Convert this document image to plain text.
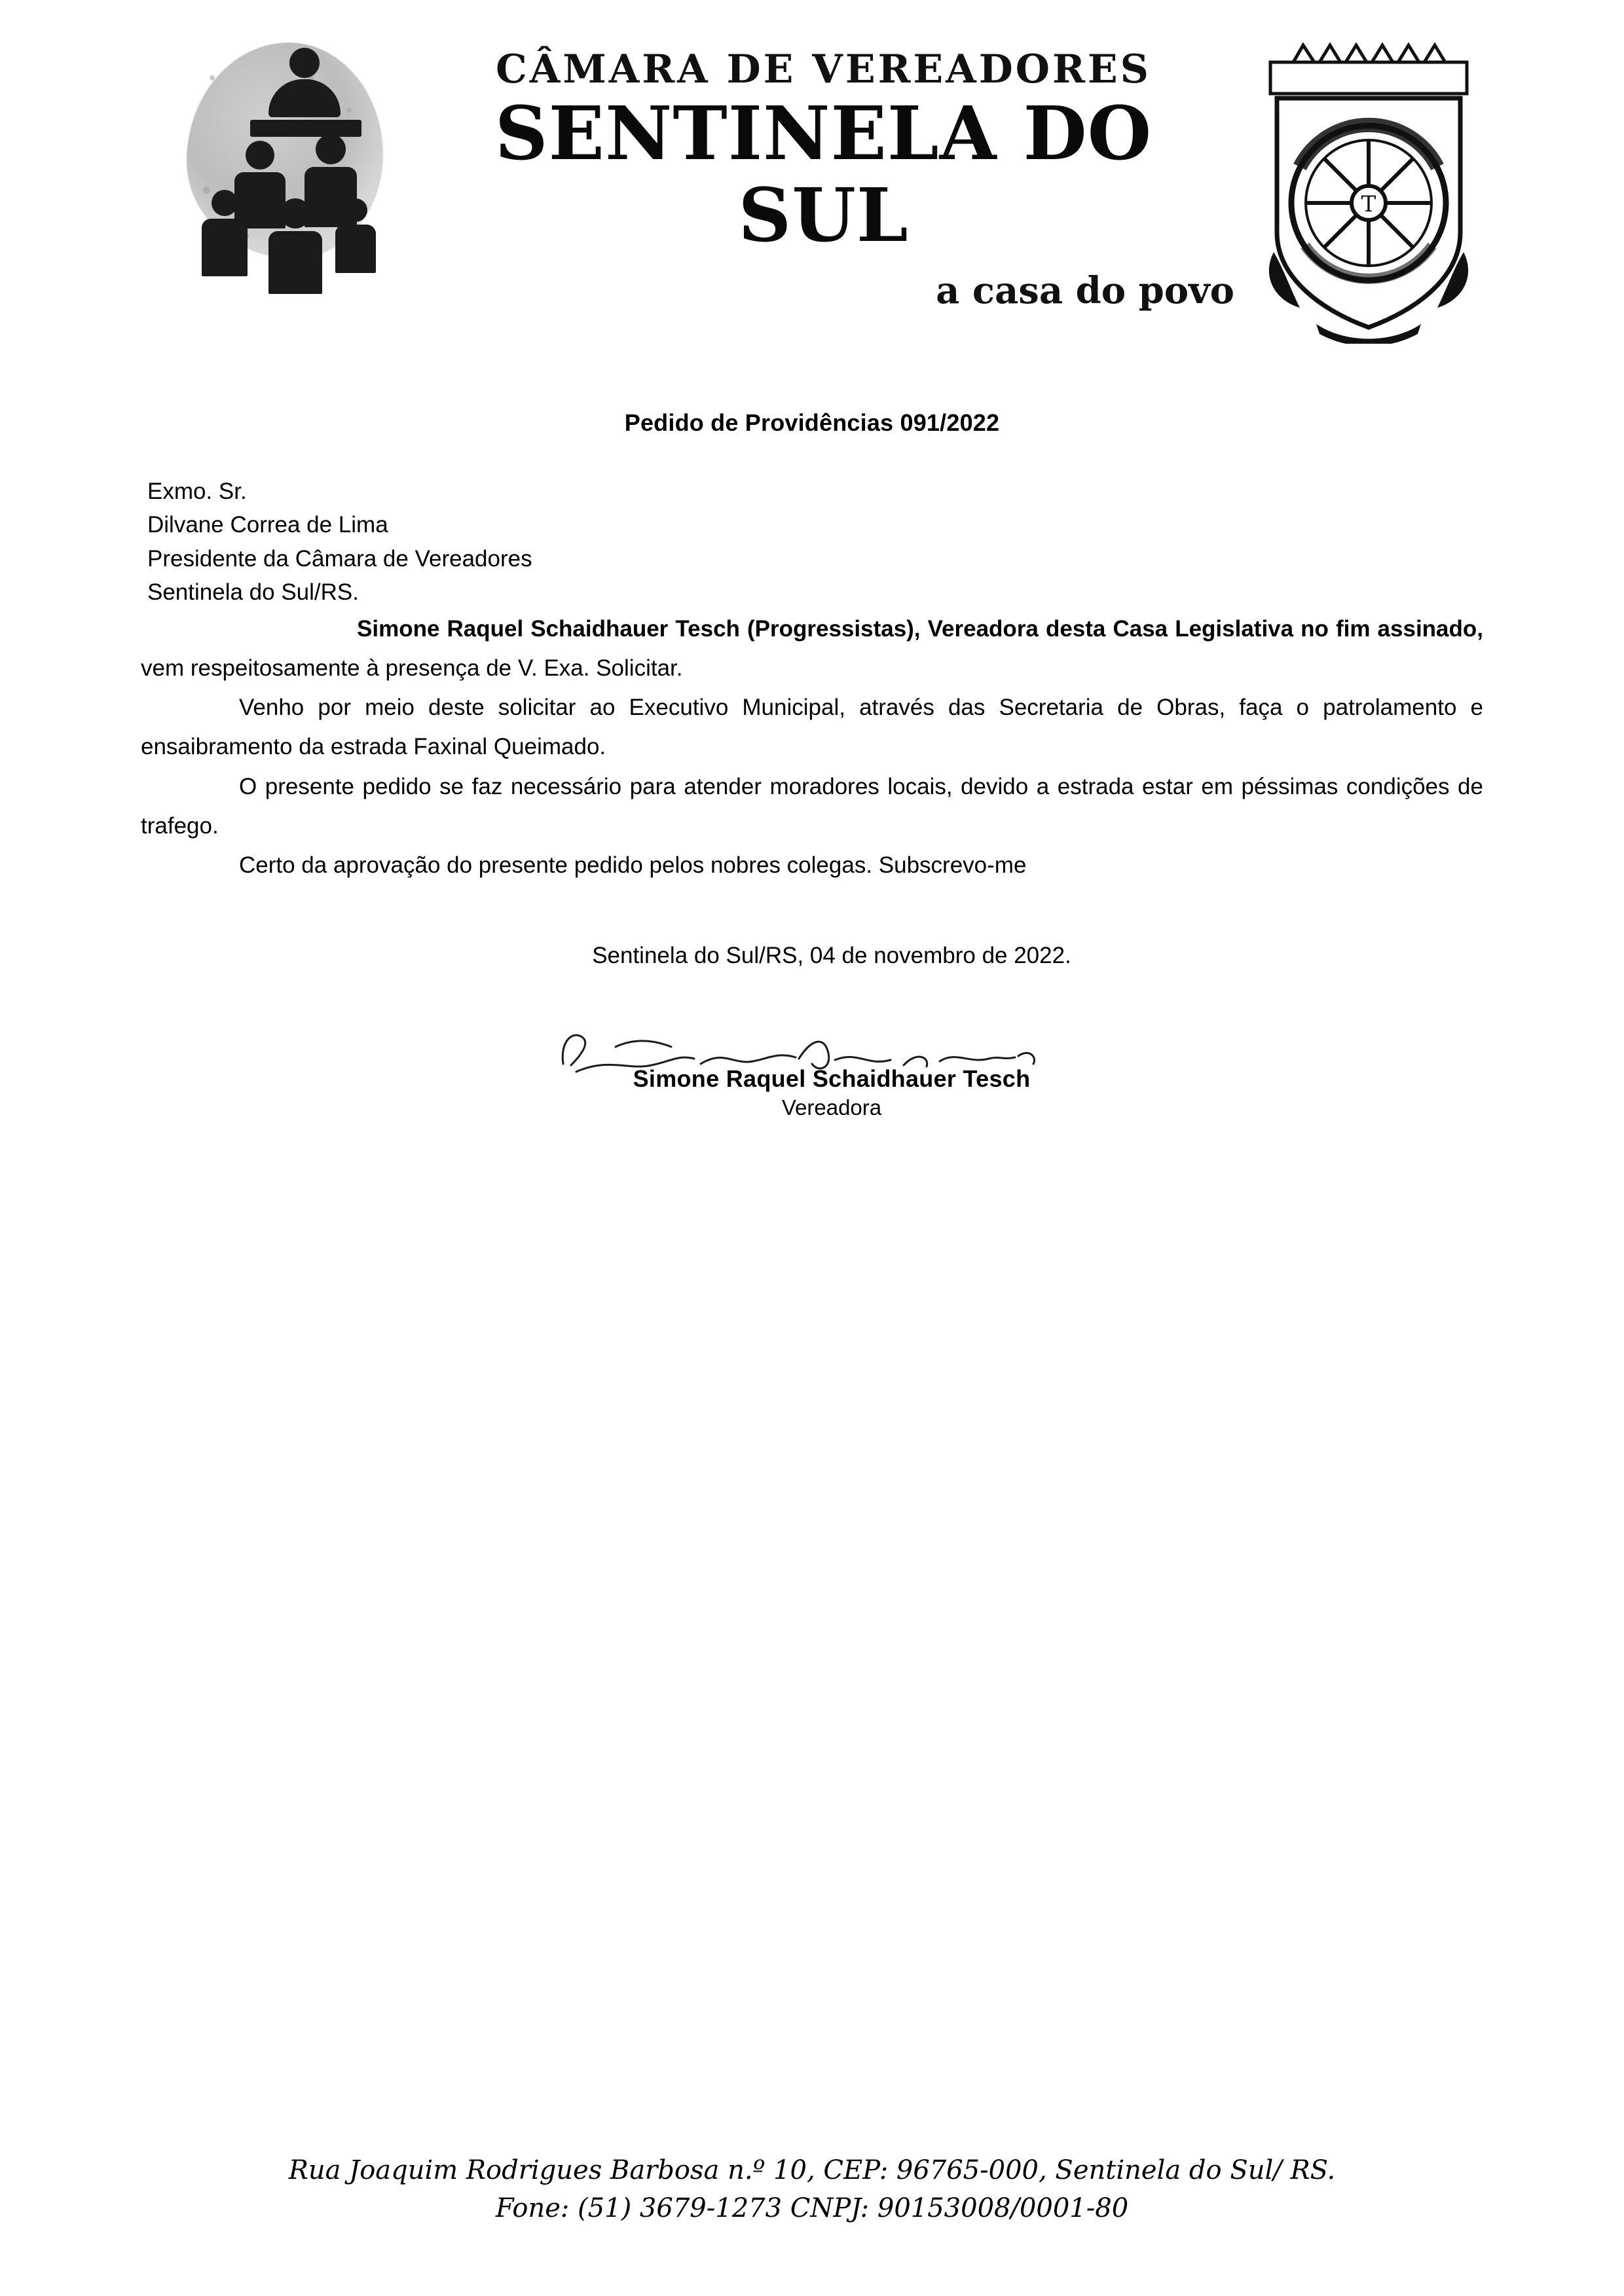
CÂMARA DE VEREADORES
SENTINELA DO SUL
a casa do povo
T
Pedido de Providências 091/2022
Exmo. Sr.
Dilvane Correa de Lima
Presidente da Câmara de Vereadores
Sentinela do Sul/RS.

Simone Raquel Schaidhauer Tesch (Progressistas), Vereadora desta Casa Legislativa no fim assinado, vem respeitosamente à presença de V. Exa. Solicitar.

Venho por meio deste solicitar ao Executivo Municipal, através das Secretaria de Obras, faça o patrolamento e ensaibramento da estrada Faxinal Queimado.

O presente pedido se faz necessário para atender moradores locais, devido a estrada estar em péssimas condições de trafego.

Certo da aprovação do presente pedido pelos nobres colegas. Subscrevo-me

Sentinela do Sul/RS, 04 de novembro de 2022.
Simone Raquel Schaidhauer Tesch
Vereadora
Rua Joaquim Rodrigues Barbosa n.º 10, CEP: 96765-000, Sentinela do Sul/ RS.
Fone: (51) 3679-1273 CNPJ: 90153008/0001-80
